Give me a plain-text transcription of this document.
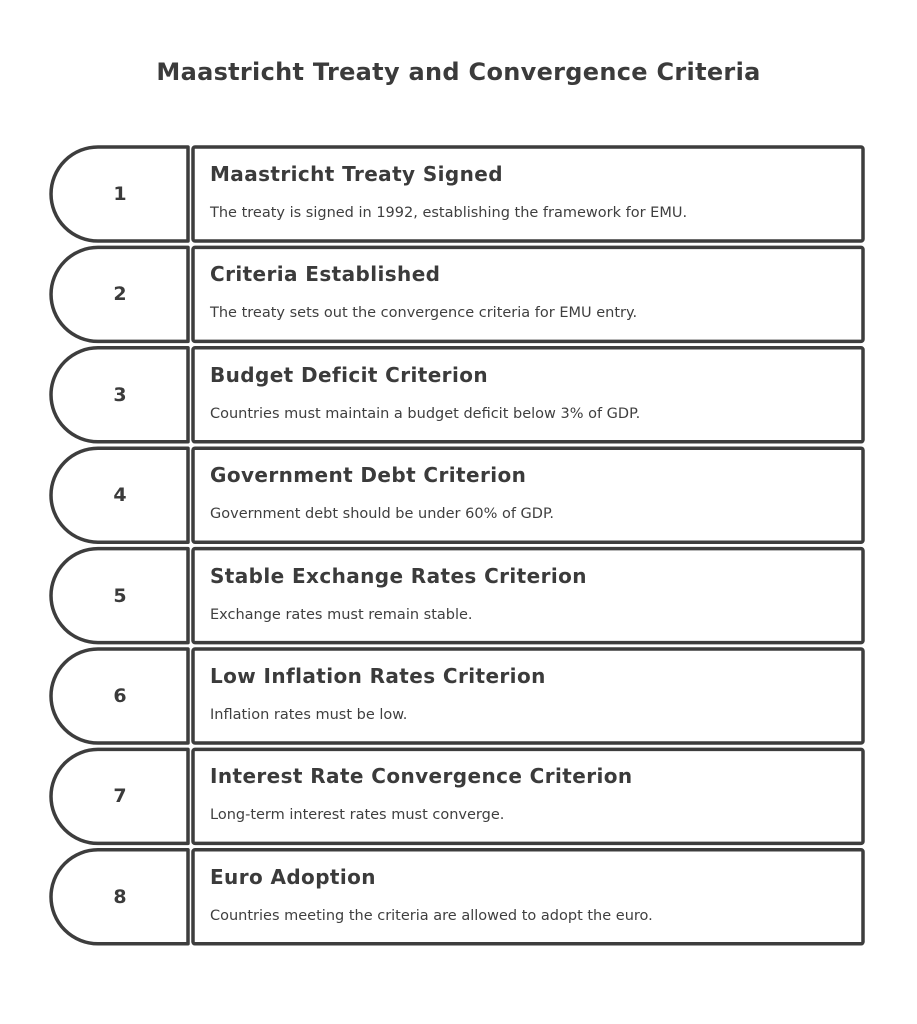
Maastricht Treaty and Convergence Criteria
1
Maastricht Treaty Signed
The treaty is signed in 1992, establishing the framework for EMU.
2
Criteria Established
The treaty sets out the convergence criteria for EMU entry.
3
Budget Deficit Criterion
Countries must maintain a budget deficit below 3% of GDP.
4
Government Debt Criterion
Government debt should be under 60% of GDP.
5
Stable Exchange Rates Criterion
Exchange rates must remain stable.
6
Low Inflation Rates Criterion
Inflation rates must be low.
7
Interest Rate Convergence Criterion
Long-term interest rates must converge.
8
Euro Adoption
Countries meeting the criteria are allowed to adopt the euro.
